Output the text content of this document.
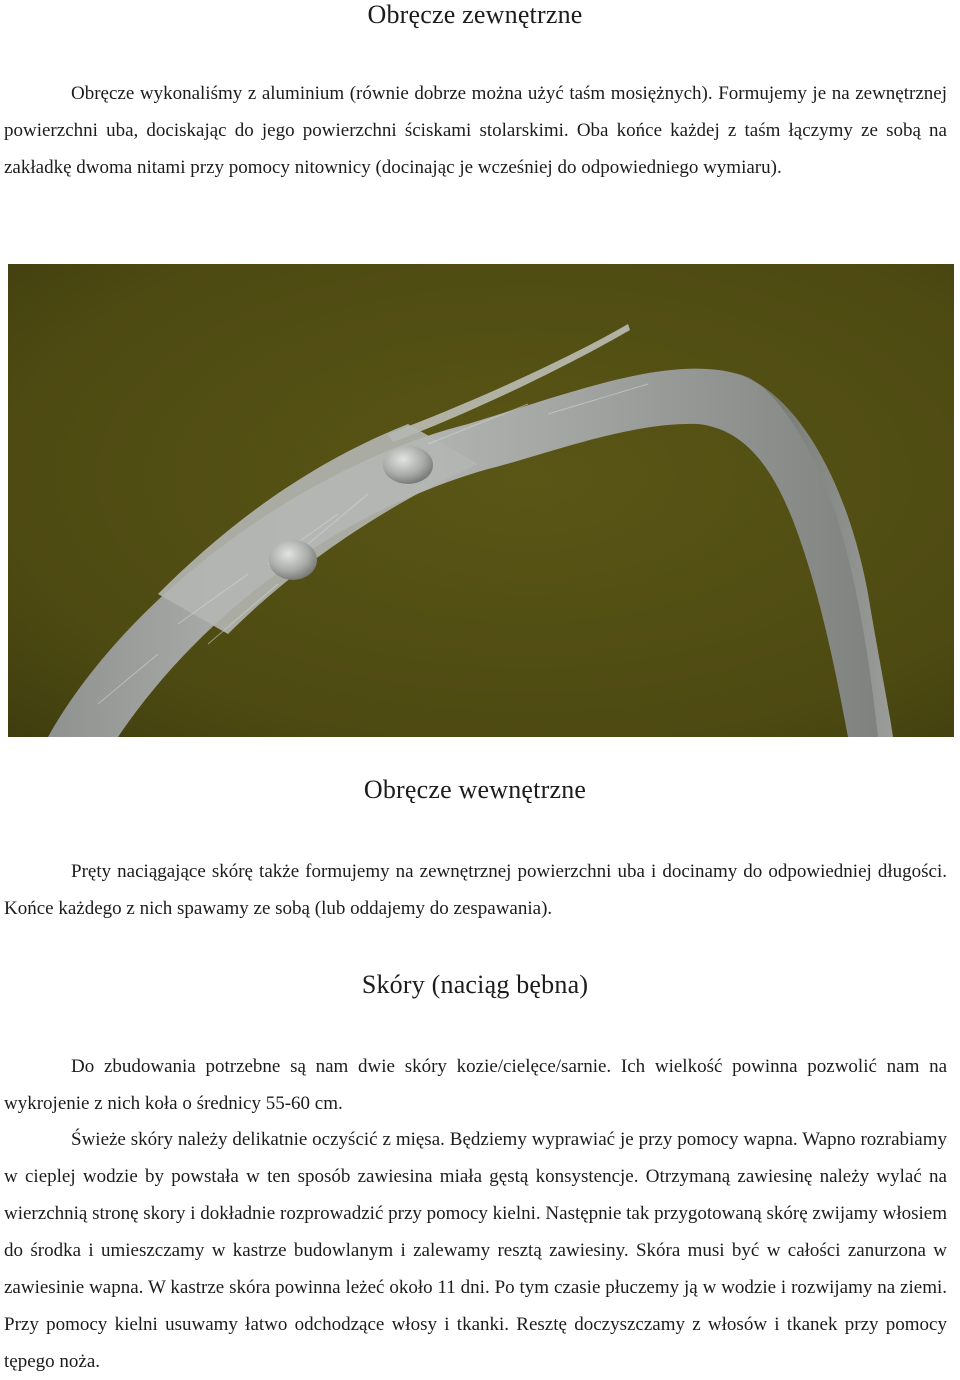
Obręcze zewnętrzne

Obręcze wykonaliśmy z aluminium (równie dobrze można użyć taśm mosiężnych). Formujemy je na zewnętrznej powierzchni uba, dociskając do jego powierzchni ściskami stolarskimi. Oba końce każdej z taśm łączymy ze sobą na zakładkę dwoma nitami przy pomocy nitownicy (docinając je wcześniej do odpowiedniego wymiaru).

Obręcze wewnętrzne

Pręty naciągające skórę także formujemy na zewnętrznej powierzchni uba i docinamy do odpowiedniej długości. Końce każdego z nich spawamy ze sobą (lub oddajemy do zespawania).

Skóry (naciąg bębna)

Do zbudowania potrzebne są nam dwie skóry kozie/cielęce/sarnie. Ich wielkość powinna pozwolić nam na wykrojenie z nich koła o średnicy 55-60 cm.

Świeże skóry należy delikatnie oczyścić z mięsa. Będziemy wyprawiać je przy pomocy wapna. Wapno rozrabiamy w cieplej wodzie by powstała w ten sposób zawiesina miała gęstą konsystencje. Otrzymaną zawiesinę należy wylać na wierzchnią stronę skory i dokładnie rozprowadzić przy pomocy kielni. Następnie tak przygotowaną skórę zwijamy włosiem do środka i umieszczamy w kastrze budowlanym i zalewamy resztą zawiesiny. Skóra musi być w całości zanurzona w zawiesinie wapna. W kastrze skóra powinna leżeć około 11 dni. Po tym czasie płuczemy ją w wodzie i rozwijamy na ziemi. Przy pomocy kielni usuwamy łatwo odchodzące włosy i tkanki. Resztę doczyszczamy z włosów i tkanek przy pomocy tępego noża.
